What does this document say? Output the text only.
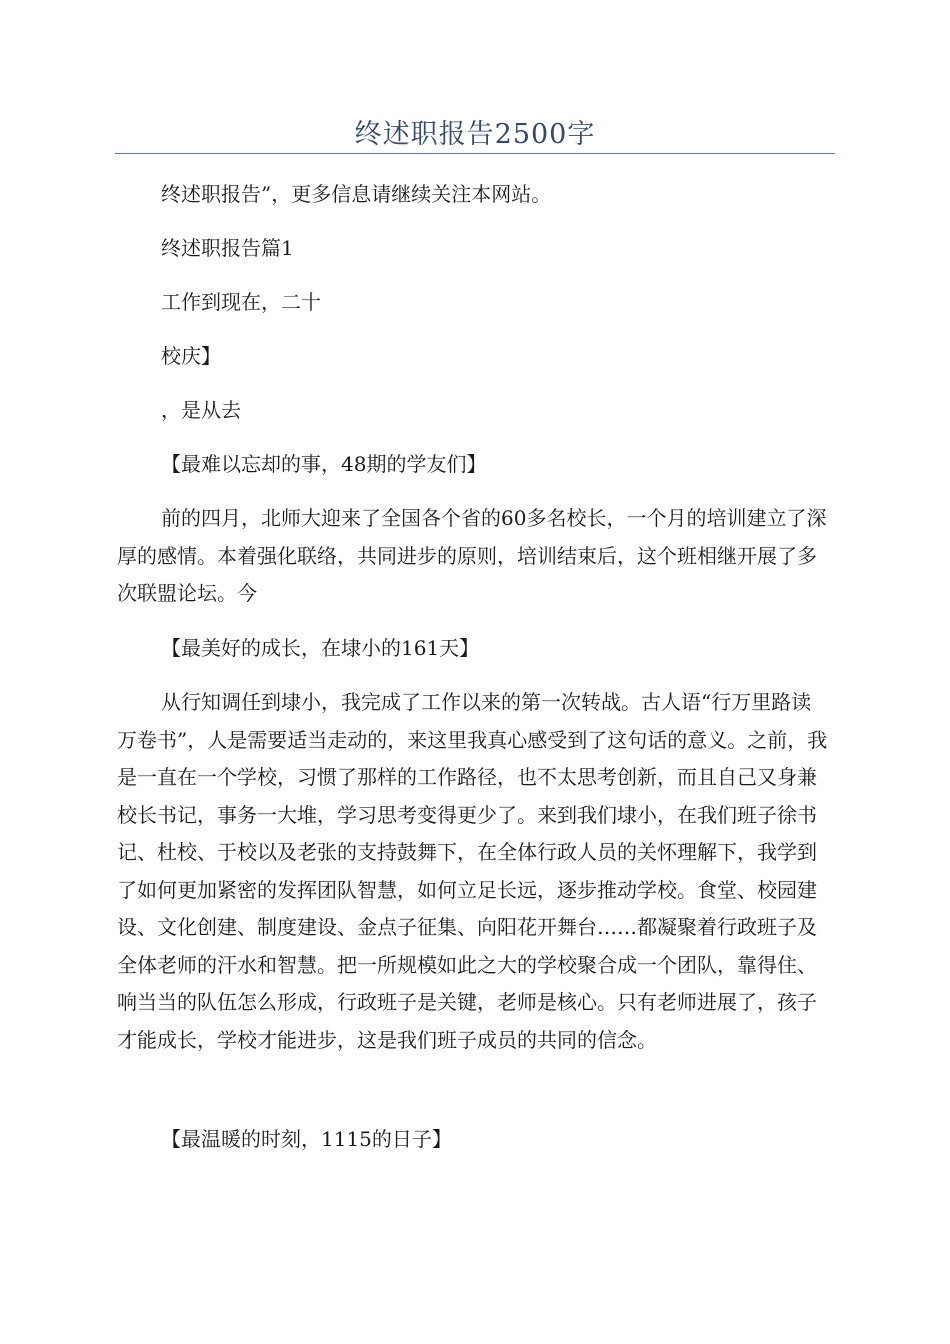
终述职报告2500字

终述职报告”，更多信息请继续关注本网站。

终述职报告篇1

工作到现在，二十

校庆】

，是从去

【最难以忘却的事，48期的学友们】

前的四月，北师大迎来了全国各个省的60多名校长，一个月的培训建立了深厚的感情。本着强化联络，共同进步的原则，培训结束后，这个班相继开展了多次联盟论坛。今

【最美好的成长，在埭小的161天】

从行知调任到埭小，我完成了工作以来的第一次转战。古人语“行万里路读万卷书”，人是需要适当走动的，来这里我真心感受到了这句话的意义。之前，我是一直在一个学校，习惯了那样的工作路径，也不太思考创新，而且自己又身兼校长书记，事务一大堆，学习思考变得更少了。来到我们埭小，在我们班子徐书记、杜校、于校以及老张的支持鼓舞下，在全体行政人员的关怀理解下，我学到了如何更加紧密的发挥团队智慧，如何立足长远，逐步推动学校。食堂、校园建设、文化创建、制度建设、金点子征集、向阳花开舞台……都凝聚着行政班子及全体老师的汗水和智慧。把一所规模如此之大的学校聚合成一个团队，靠得住、响当当的队伍怎么形成，行政班子是关键，老师是核心。只有老师进展了，孩子才能成长，学校才能进步，这是我们班子成员的共同的信念。

【最温暖的时刻，1115的日子】
